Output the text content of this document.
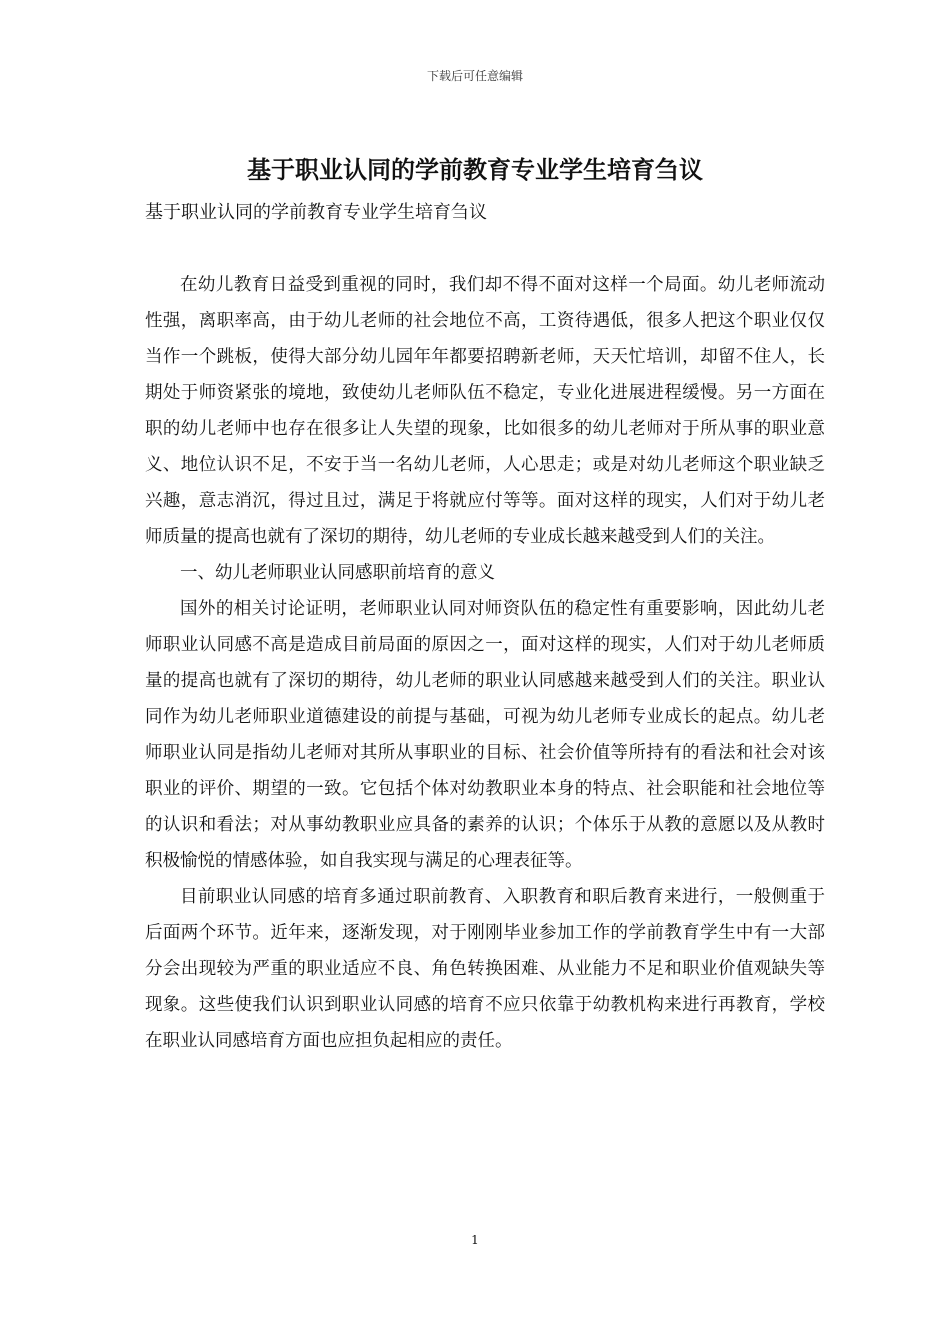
下载后可任意编辑
基于职业认同的学前教育专业学生培育刍议

基于职业认同的学前教育专业学生培育刍议

在幼儿教育日益受到重视的同时，我们却不得不面对这样一个局面。幼儿老师流动性强，离职率高，由于幼儿老师的社会地位不高，工资待遇低，很多人把这个职业仅仅当作一个跳板，使得大部分幼儿园年年都要招聘新老师，天天忙培训，却留不住人，长期处于师资紧张的境地，致使幼儿老师队伍不稳定，专业化进展进程缓慢。另一方面在职的幼儿老师中也存在很多让人失望的现象，比如很多的幼儿老师对于所从事的职业意义、地位认识不足，不安于当一名幼儿老师，人心思走；或是对幼儿老师这个职业缺乏兴趣，意志消沉，得过且过，满足于将就应付等等。面对这样的现实，人们对于幼儿老师质量的提高也就有了深切的期待，幼儿老师的专业成长越来越受到人们的关注。

一、幼儿老师职业认同感职前培育的意义

国外的相关讨论证明，老师职业认同对师资队伍的稳定性有重要影响，因此幼儿老师职业认同感不高是造成目前局面的原因之一，面对这样的现实，人们对于幼儿老师质量的提高也就有了深切的期待，幼儿老师的职业认同感越来越受到人们的关注。职业认同作为幼儿老师职业道德建设的前提与基础，可视为幼儿老师专业成长的起点。幼儿老师职业认同是指幼儿老师对其所从事职业的目标、社会价值等所持有的看法和社会对该职业的评价、期望的一致。它包括个体对幼教职业本身的特点、社会职能和社会地位等的认识和看法；对从事幼教职业应具备的素养的认识；个体乐于从教的意愿以及从教时积极愉悦的情感体验，如自我实现与满足的心理表征等。

目前职业认同感的培育多通过职前教育、入职教育和职后教育来进行，一般侧重于后面两个环节。近年来，逐渐发现，对于刚刚毕业参加工作的学前教育学生中有一大部分会出现较为严重的职业适应不良、角色转换困难、从业能力不足和职业价值观缺失等现象。这些使我们认识到职业认同感的培育不应只依靠于幼教机构来进行再教育，学校在职业认同感培育方面也应担负起相应的责任。

1
